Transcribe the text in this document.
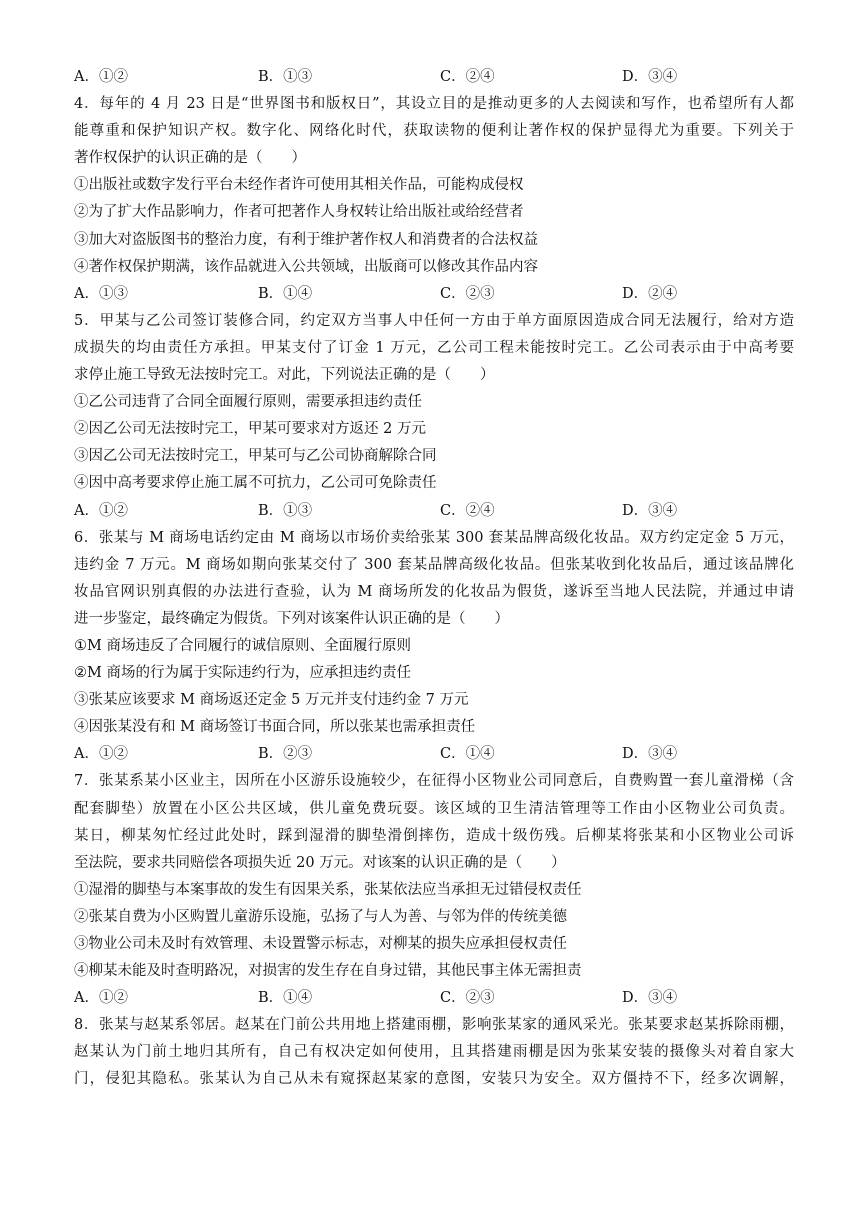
A．①②	B．①③	C．②④	D．③④
4．每年的 4 月 23 日是“世界图书和版权日”，其设立目的是推动更多的人去阅读和写作，也希望所有人都
能尊重和保护知识产权。数字化、网络化时代，获取读物的便利让著作权的保护显得尤为重要。下列关于
著作权保护的认识正确的是（　　）
①出版社或数字发行平台未经作者许可使用其相关作品，可能构成侵权
②为了扩大作品影响力，作者可把著作人身权转让给出版社或给经营者
③加大对盗版图书的整治力度，有利于维护著作权人和消费者的合法权益
④著作权保护期满，该作品就进入公共领域，出版商可以修改其作品内容
A．①③	B．①④	C．②③	D．②④
5．甲某与乙公司签订装修合同，约定双方当事人中任何一方由于单方面原因造成合同无法履行，给对方造
成损失的均由责任方承担。甲某支付了订金 1 万元，乙公司工程未能按时完工。乙公司表示由于中高考要
求停止施工导致无法按时完工。对此，下列说法正确的是（　　）
①乙公司违背了合同全面履行原则，需要承担违约责任
②因乙公司无法按时完工，甲某可要求对方返还 2 万元
③因乙公司无法按时完工，甲某可与乙公司协商解除合同
④因中高考要求停止施工属不可抗力，乙公司可免除责任
A．①②	B．①③	C．②④	D．③④
6．张某与 M 商场电话约定由 M 商场以市场价卖给张某 300 套某品牌高级化妆品。双方约定定金 5 万元，
违约金 7 万元。M 商场如期向张某交付了 300 套某品牌高级化妆品。但张某收到化妆品后，通过该品牌化
妆品官网识别真假的办法进行查验，认为 M 商场所发的化妆品为假货，遂诉至当地人民法院，并通过申请
进一步鉴定，最终确定为假货。下列对该案件认识正确的是（　　）
①M 商场违反了合同履行的诚信原则、全面履行原则
②M 商场的行为属于实际违约行为，应承担违约责任
③张某应该要求 M 商场返还定金 5 万元并支付违约金 7 万元
④因张某没有和 M 商场签订书面合同，所以张某也需承担责任
A．①②	B．②③	C．①④	D．③④
7．张某系某小区业主，因所在小区游乐设施较少，在征得小区物业公司同意后，自费购置一套儿童滑梯（含
配套脚垫）放置在小区公共区域，供儿童免费玩耍。该区域的卫生清洁管理等工作由小区物业公司负责。
某日，柳某匆忙经过此处时，踩到湿滑的脚垫滑倒摔伤，造成十级伤残。后柳某将张某和小区物业公司诉
至法院，要求共同赔偿各项损失近 20 万元。对该案的认识正确的是（　　）
①湿滑的脚垫与本案事故的发生有因果关系，张某依法应当承担无过错侵权责任
②张某自费为小区购置儿童游乐设施，弘扬了与人为善、与邻为伴的传统美德
③物业公司未及时有效管理、未设置警示标志，对柳某的损失应承担侵权责任
④柳某未能及时查明路况，对损害的发生存在自身过错，其他民事主体无需担责
A．①②	B．①④	C．②③	D．③④
8．张某与赵某系邻居。赵某在门前公共用地上搭建雨棚，影响张某家的通风采光。张某要求赵某拆除雨棚，
赵某认为门前土地归其所有，自己有权决定如何使用，且其搭建雨棚是因为张某安装的摄像头对着自家大
门，侵犯其隐私。张某认为自己从未有窥探赵某家的意图，安装只为安全。双方僵持不下，经多次调解，
